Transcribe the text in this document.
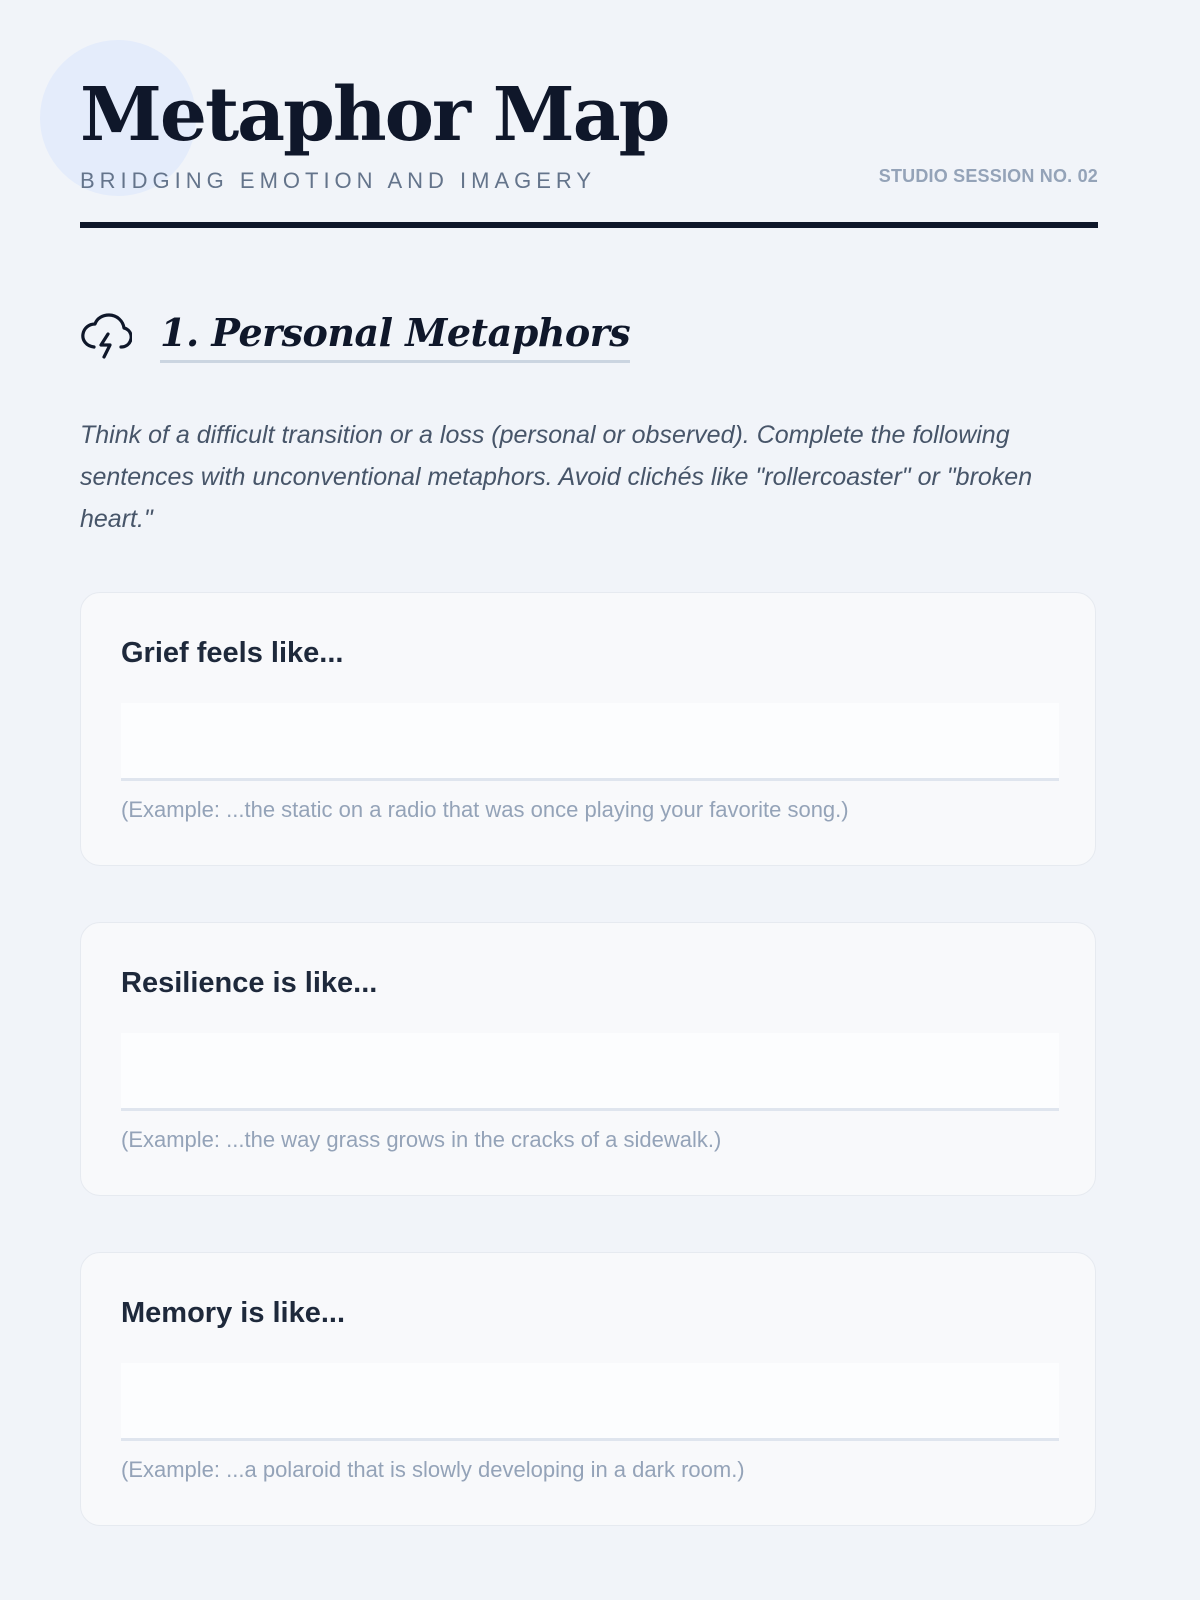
Metaphor Map
BRIDGING EMOTION AND IMAGERY	STUDIO SESSION NO. 02
1. Personal Metaphors

Think of a difficult transition or a loss (personal or observed). Complete the following sentences with unconventional metaphors. Avoid clichés like "rollercoaster" or "broken heart."

Grief feels like...
(Example: ...the static on a radio that was once playing your favorite song.)
Resilience is like...
(Example: ...the way grass grows in the cracks of a sidewalk.)
Memory is like...
(Example: ...a polaroid that is slowly developing in a dark room.)
